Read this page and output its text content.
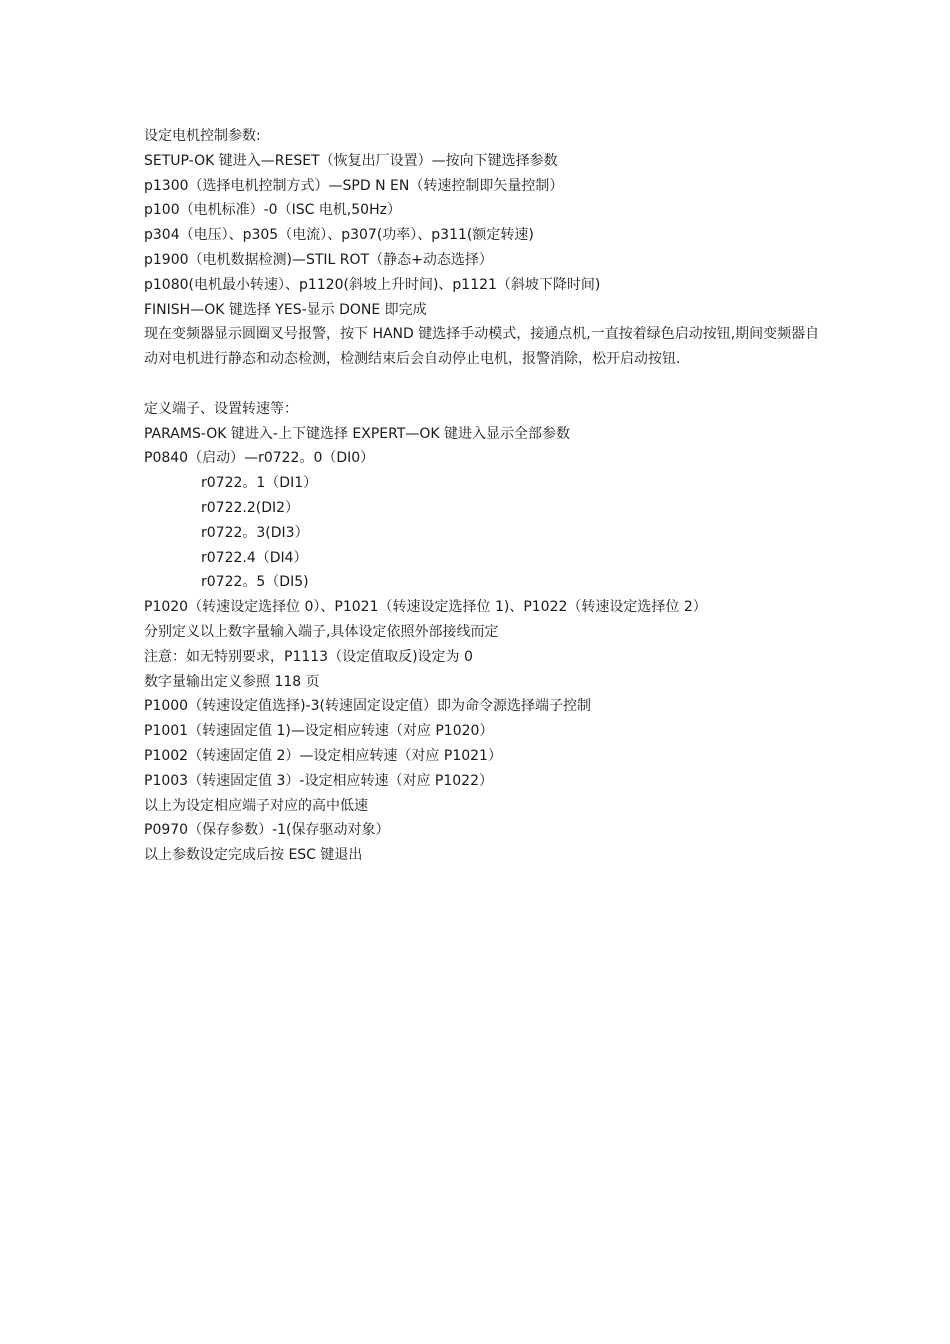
设定电机控制参数:

SETUP-OK 键进入—RESET（恢复出厂设置）—按向下键选择参数

p1300（选择电机控制方式）—SPD N EN（转速控制即矢量控制）

p100（电机标准）-0（ISC 电机,50Hz）

p304（电压）、p305（电流）、p307(功率）、p311(额定转速)

p1900（电机数据检测)—STIL ROT（静态+动态选择）

p1080(电机最小转速）、p1120(斜坡上升时间)、p1121（斜坡下降时间)

FINISH—OK 键选择 YES-显示 DONE 即完成

现在变频器显示圆圈叉号报警，按下 HAND 键选择手动模式，接通点机,一直按着绿色启动按钮,期间变频器自动对电机进行静态和动态检测，检测结束后会自动停止电机，报警消除，松开启动按钮.

定义端子、设置转速等：

PARAMS-OK 键进入-上下键选择 EXPERT—OK 键进入显示全部参数

P0840（启动）—r0722。0（DI0）

r0722。1（DI1）

r0722.2(DI2）

r0722。3(DI3）

r0722.4（DI4）

r0722。5（DI5)

P1020（转速设定选择位 0）、P1021（转速设定选择位 1)、P1022（转速设定选择位 2）

分别定义以上数字量输入端子,具体设定依照外部接线而定

注意：如无特别要求，P1113（设定值取反)设定为 0

数字量输出定义参照 118 页

P1000（转速设定值选择)-3(转速固定设定值）即为命令源选择端子控制

P1001（转速固定值 1)—设定相应转速（对应 P1020）

P1002（转速固定值 2）—设定相应转速（对应 P1021）

P1003（转速固定值 3）-设定相应转速（对应 P1022）

以上为设定相应端子对应的高中低速

P0970（保存参数）-1(保存驱动对象）

以上参数设定完成后按 ESC 键退出
